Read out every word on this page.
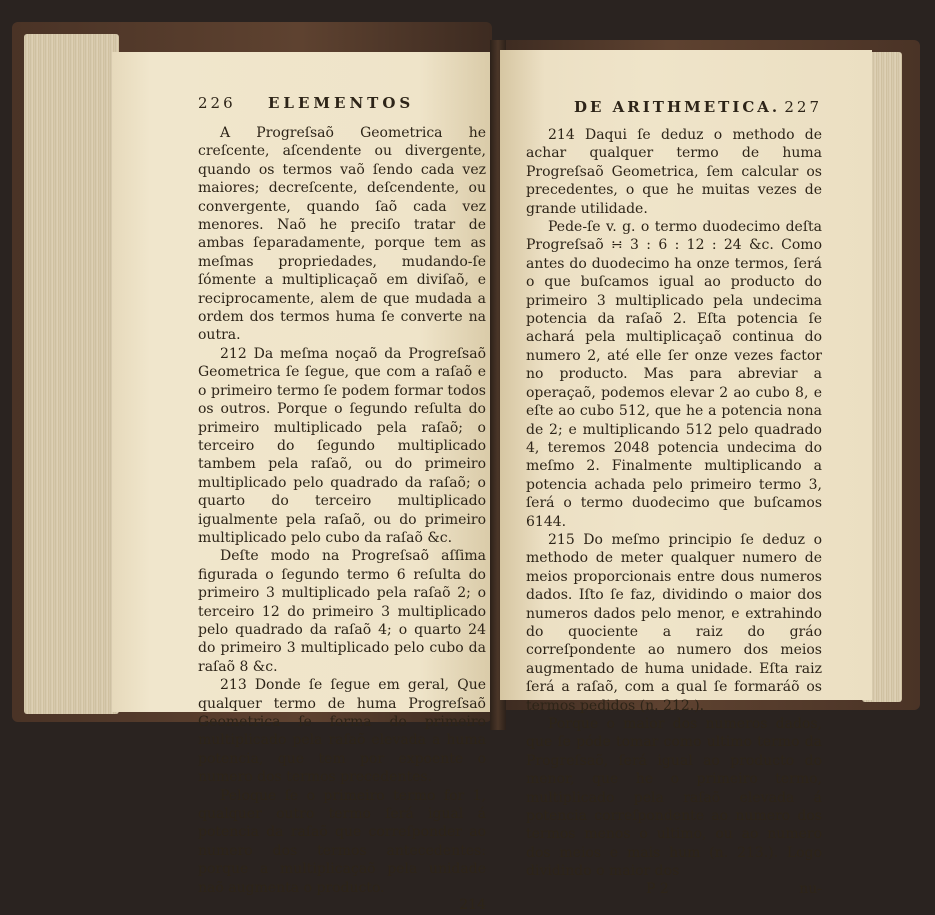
226 ELEMENTOS

A Progreſsaõ Geometrica he creſcente, aſcendente ou divergente, quando os termos vaõ ſendo cada vez maiores; decreſcente, deſcendente, ou convergente, quando ſaõ cada vez menores. Naõ he preciſo tratar de ambas ſeparadamente, porque tem as meſmas propriedades, mudando-ſe ſómente a multiplicaçaõ em diviſaõ, e reciprocamente, alem de que mudada a ordem dos termos huma ſe converte na outra.

212 Da meſma noçaõ da Progreſsaõ Geometrica ſe ſegue, que com a raſaõ e o primeiro termo ſe podem formar todos os outros. Porque o ſegundo reſulta do primeiro multiplicado pela raſaõ; o terceiro do ſegundo multiplicado tambem pela raſaõ, ou do primeiro multiplicado pelo quadrado da raſaõ; o quarto do terceiro multiplicado igualmente pela raſaõ, ou do primeiro multiplicado pelo cubo da raſaõ &c.

Deſte modo na Progreſsaõ aſſima figurada o ſegundo termo 6 reſulta do primeiro 3 multiplicado pela raſaõ 2; o terceiro 12 do primeiro 3 multiplicado pelo quadrado da raſaõ 4; o quarto 24 do primeiro 3 multiplicado pelo cubo da raſaõ 8 &c.

213 Donde ſe ſegue em geral, Que qualquer termo de huma Progreſsaõ Geometrica ſe forma do primeiro multiplicado pela raſaõ elevada a huma potencia, que tem por expoente o numero dos termos precedentes.

Peloque ſe o primeiro termo for 1, qualquer outro termo ſerá igual á potencia da raſaõ que correſponder ao numero dos termos antecedentes: porque a multiplicaçaõ pela unidade naõ augmenta o producto.

214
DE ARITHMETICA. 227

214 Daqui ſe deduz o methodo de achar qualquer termo de huma Progreſsaõ Geometrica, ſem calcular os precedentes, o que he muitas vezes de grande utilidade.

Pede-ſe v. g. o termo duodecimo deſta Progreſsaõ ∺ 3 : 6 : 12 : 24 &c. Como antes do duodecimo ha onze termos, ſerá o que buſcamos igual ao producto do primeiro 3 multiplicado pela undecima potencia da raſaõ 2. Eſta potencia ſe achará pela multiplicaçaõ continua do numero 2, até elle ſer onze vezes factor no producto. Mas para abreviar a operaçaõ, podemos elevar 2 ao cubo 8, e eſte ao cubo 512, que he a potencia nona de 2; e multiplicando 512 pelo quadrado 4, teremos 2048 potencia undecima do meſmo 2. Finalmente multiplicando a potencia achada pelo primeiro termo 3, ſerá o termo duodecimo que buſcamos 6144.

215 Do meſmo principio ſe deduz o methodo de meter qualquer numero de meios proporcionais entre dous numeros dados. Iſto ſe faz, dividindo o maior dos numeros dados pelo menor, e extrahindo do quociente a raiz do gráo correſpondente ao numero dos meios augmentado de huma unidade. Eſta raiz ſerá a raſaõ, com a qual ſe formaráõ os termos pedidos (n. 212.).

Porque o maior dos numeros dados, que ſe póde tomar como ultimo termo da Progreſsaõ, ſerá igual ao producto do menor, que he o primeiro termo, multiplicado pela raſaõ elevada á potencia correſpondente ao numero dos termos menos o ultimo, ou ao numero dos meios e mais hum (n. 213.). Logo dividindo o maior dos

P 2	nu-
